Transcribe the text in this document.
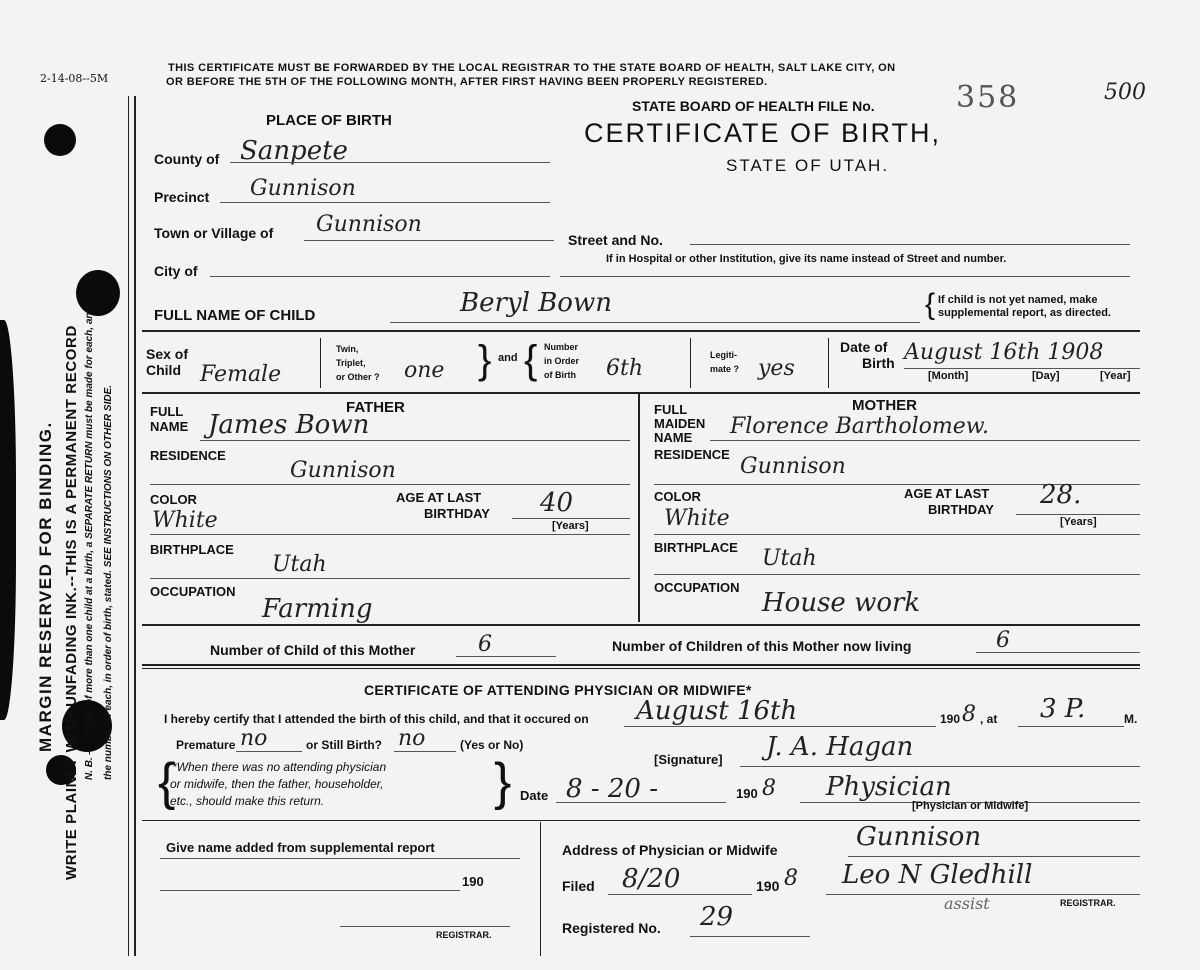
2-14-08--5M
MARGIN RESERVED FOR BINDING. WRITE PLAINLY WITH UNFADING INK.--THIS IS A PERMANENT RECORD N. B. — In case of more than one child at a birth, a SEPARATE RETURN must be made for each, and the number of each, in order of birth, stated. SEE INSTRUCTIONS ON OTHER SIDE.
THIS CERTIFICATE MUST BE FORWARDED BY THE LOCAL REGISTRAR TO THE STATE BOARD OF HEALTH, SALT LAKE CITY, ON
OR BEFORE THE 5TH OF THE FOLLOWING MONTH, AFTER FIRST HAVING BEEN PROPERLY REGISTERED.
STATE BOARD OF HEALTH FILE No.	358	500
CERTIFICATE OF BIRTH,
STATE OF UTAH.
PLACE OF BIRTH
County of Sanpete
Precinct Gunnison
Town or Village of Gunnison
Street and No.
City of
If in Hospital or other Institution, give its name instead of Street and number.
FULL NAME OF CHILD	Beryl Bown	{ If child is not yet named, make
supplemental report, as directed.
Sex of
Child Female
Twin,
Triplet,
or Other ? one } and { Number
in Order
of Birth 6th
Legiti-
mate ? yes
Date of
Birth August 16th 1908
[Month]	[Day]	[Year]
FATHER
FULL
NAME James Bown
RESIDENCE
Gunnison
COLOR
White
AGE AT LAST
BIRTHDAY 40
[Years]
BIRTHPLACE
Utah
OCCUPATION
Farming
MOTHER
FULL
MAIDEN
NAME Florence Bartholomew.
RESIDENCE Gunnison
COLOR
White
AGE AT LAST
BIRTHDAY 28.
[Years]
BIRTHPLACE Utah
OCCUPATION
House work
Number of Child of this Mother	6	Number of Children of this Mother now living	6
CERTIFICATE OF ATTENDING PHYSICIAN OR MIDWIFE*
I hereby certify that I attended the birth of this child, and that it occured on August 16th	190 8 , at 3 P.	M.
Premature no	or Still Birth? no	(Yes or No)
{
*When there was no attending physician
or midwife, then the father, householder,
etc., should make this return.	}	[Signature] J. A. Hagan
Date 8 - 20 -	190 8 Physician
[Physician or Midwife]
Give name added from supplemental report
190
REGISTRAR.
Address of Physician or Midwife	Gunnison
Filed 8/20	190 8 Leo N Gledhill
assist	REGISTRAR.
Registered No. 29
